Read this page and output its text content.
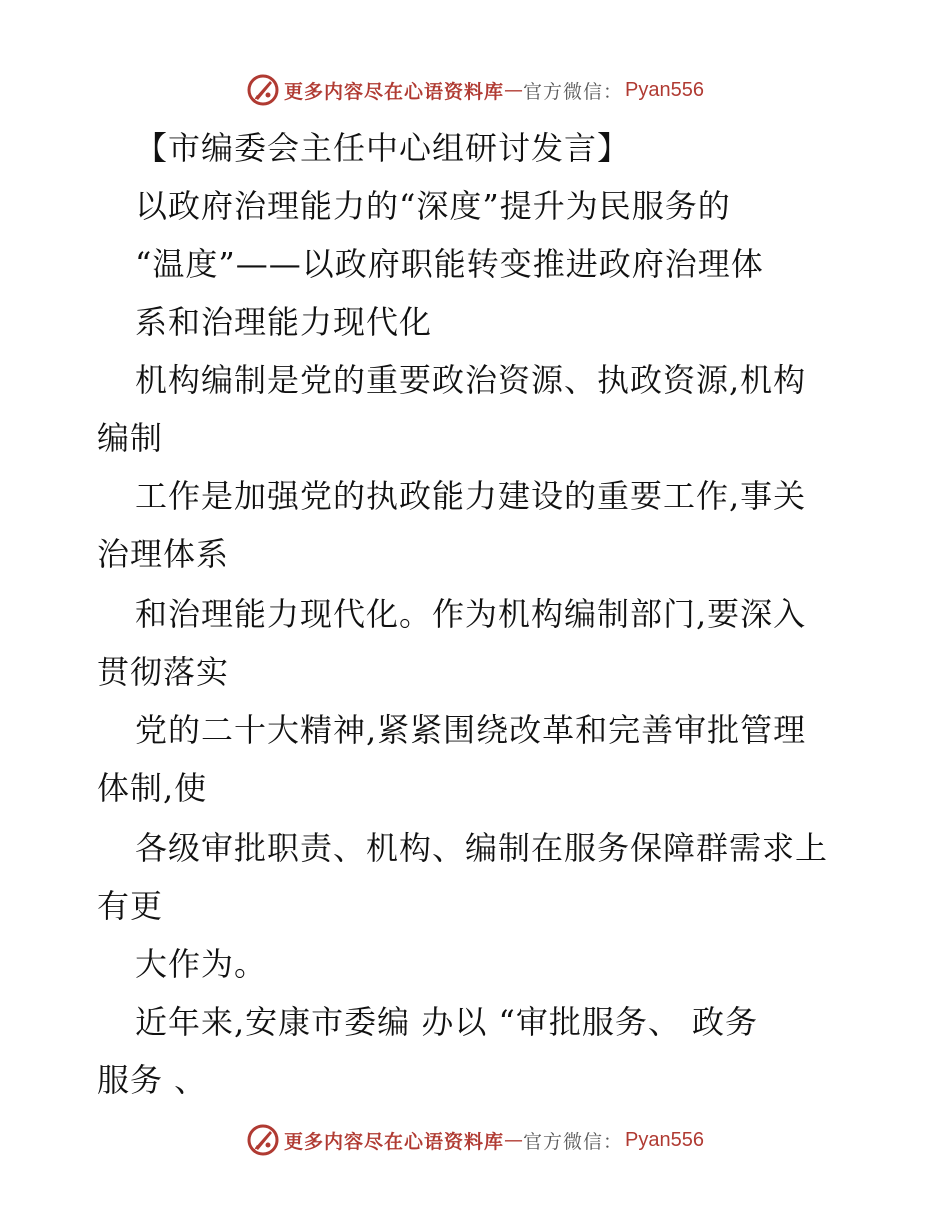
更多内容尽在心语资料库 — 官方微信： Pyan556
【市编委会主任中心组研讨发言】
以政府治理能力的“深度”提升为民服务的
“温度”——以政府职能转变推进政府治理体
系和治理能力现代化
机构编制是党的重要政治资源、执政资源,机构
编制
工作是加强党的执政能力建设的重要工作,事关
治理体系
和治理能力现代化。作为机构编制部门,要深入
贯彻落实
党的二十大精神,紧紧围绕改革和完善审批管理
体制,使
各级审批职责、机构、编制在服务保障群需求上
有更
大作为。
近年来,安康市委编 办以 “审批服务、 政务
服务 、
更多内容尽在心语资料库 — 官方微信： Pyan556
